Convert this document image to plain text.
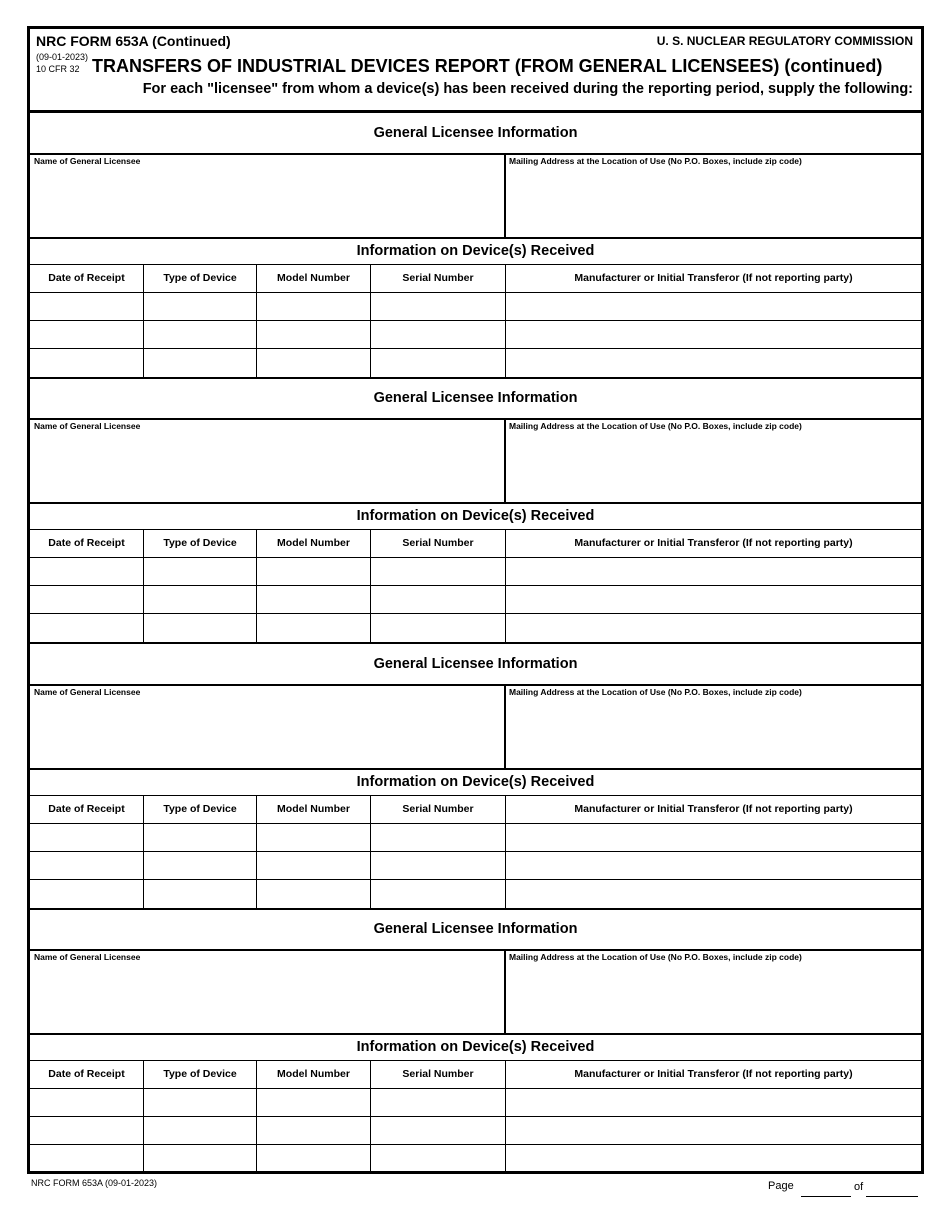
NRC FORM 653A (Continued)
(09-01-2023)
10 CFR 32
U. S. NUCLEAR REGULATORY COMMISSION
TRANSFERS OF INDUSTRIAL DEVICES REPORT (FROM GENERAL LICENSEES) (continued)
For each "licensee" from whom a device(s) has been received during the reporting period, supply the following:
General Licensee Information
Name of General Licensee	Mailing Address at the Location of Use (No P.O. Boxes, include zip code)
Information on Device(s) Received
Date of Receipt	Type of Device	Model Number	Serial Number	Manufacturer or Initial Transferor (If not reporting party)
General Licensee Information
Name of General Licensee	Mailing Address at the Location of Use (No P.O. Boxes, include zip code)
Information on Device(s) Received
Date of Receipt	Type of Device	Model Number	Serial Number	Manufacturer or Initial Transferor (If not reporting party)
General Licensee Information
Name of General Licensee	Mailing Address at the Location of Use (No P.O. Boxes, include zip code)
Information on Device(s) Received
Date of Receipt	Type of Device	Model Number	Serial Number	Manufacturer or Initial Transferor (If not reporting party)
General Licensee Information
Name of General Licensee	Mailing Address at the Location of Use (No P.O. Boxes, include zip code)
Information on Device(s) Received
Date of Receipt	Type of Device	Model Number	Serial Number	Manufacturer or Initial Transferor (If not reporting party)
NRC FORM 653A (09-01-2023)	Page	of
